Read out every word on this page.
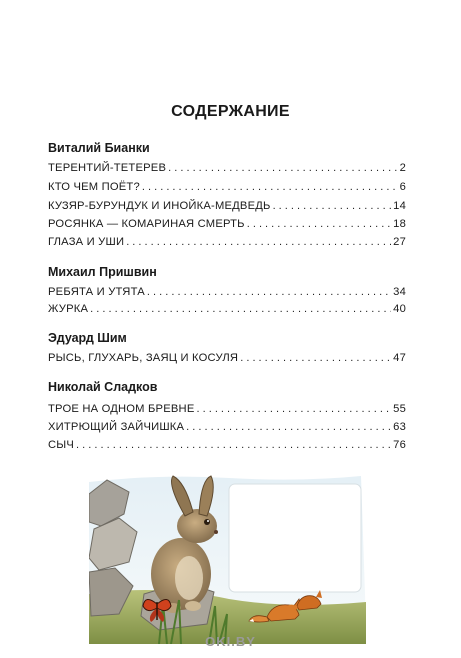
СОДЕРЖАНИЕ
Виталий Бианки
ТЕРЕНТИЙ-ТЕТЕРЕВ . . .	2
КТО ЧЕМ ПОЁТ? . . .	6
КУЗЯР-БУРУНДУК И ИНОЙКА-МЕДВЕДЬ . . .	14
РОСЯНКА — КОМАРИНАЯ СМЕРТЬ . . .	18
ГЛАЗА И УШИ . . .	27
Михаил Пришвин
РЕБЯТА И УТЯТА . . .	34
ЖУРКА . . .	40
Эдуард Шим
РЫСЬ, ГЛУХАРЬ, ЗАЯЦ И КОСУЛЯ . . .	47
Николай Сладков
ТРОЕ НА ОДНОМ БРЕВНЕ . . .	55
ХИТРЮЩИЙ ЗАЙЧИШКА . . .	63
СЫЧ . . .	76
OKI.BY
